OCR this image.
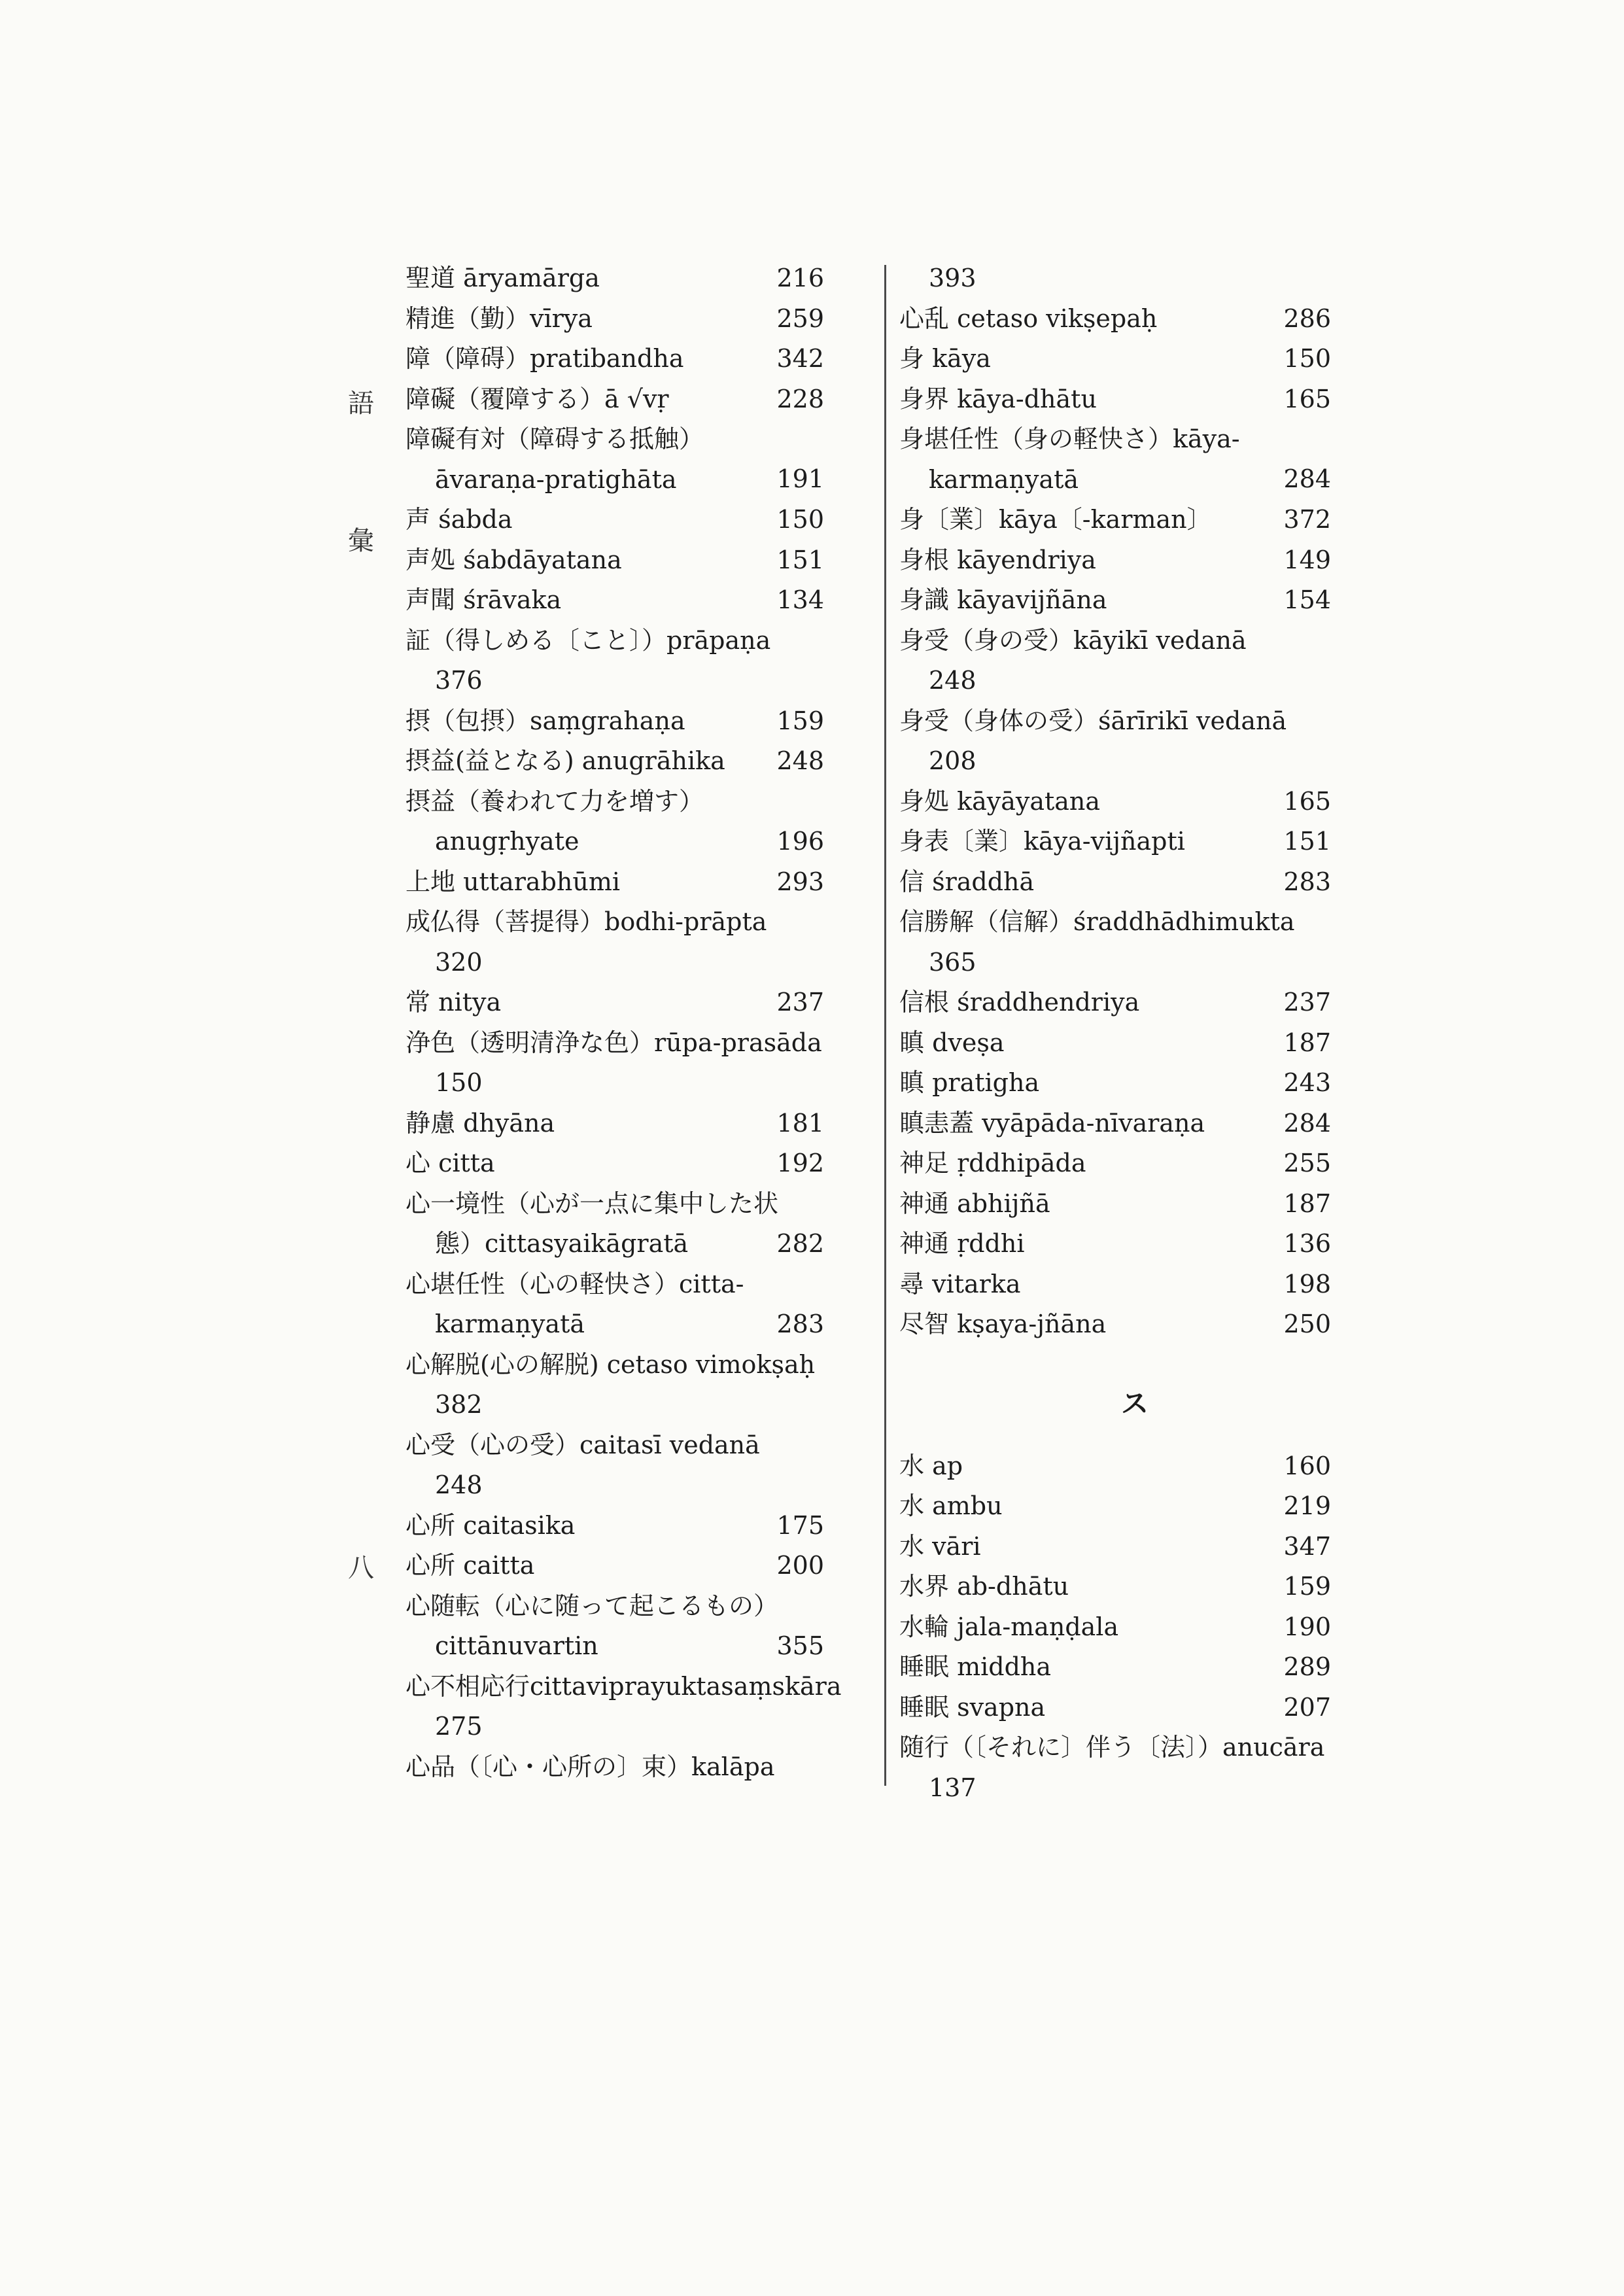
語
彙
八
聖道 āryamārga	216
精進（勤）vīrya	259
障（障碍）pratibandha	342
障礙（覆障する）ā √vṛ	228
障礙有対（障碍する抵触）
āvaraṇa-pratighāta	191
声 śabda	150
声処 śabdāyatana	151
声聞 śrāvaka	134
証（得しめる〔こと〕）prāpaṇa
376
摂（包摂）saṃgrahaṇa	159
摂益(益となる) anugrāhika 248
摂益（養われて力を増す）
anugṛhyate	196
上地 uttarabhūmi	293
成仏得（菩提得）bodhi-prāpta
320
常 nitya	237
浄色（透明清浄な色）rūpa-prasāda
150
静慮 dhyāna	181
心 citta	192
心一境性（心が一点に集中した状
態）cittasyaikāgratā	282
心堪任性（心の軽快さ）citta-
karmaṇyatā	283
心解脱(心の解脱) cetaso vimokṣaḥ
382
心受（心の受）caitasī vedanā
248
心所 caitasika	175
心所 caitta	200
心随転（心に随って起こるもの）
cittānuvartin	355
心不相応行cittaviprayuktasaṃskāra
275
心品（〔心・心所の〕束）kalāpa
393
心乱 cetaso vikṣepaḥ	286
身 kāya	150
身界 kāya-dhātu	165
身堪任性（身の軽快さ）kāya-
karmaṇyatā	284
身〔業〕kāya〔-karman〕	372
身根 kāyendriya	149
身識 kāyavijñāna	154
身受（身の受）kāyikī vedanā
248
身受（身体の受）śārīrikī vedanā
208
身処 kāyāyatana	165
身表〔業〕kāya-vijñapti	151
信 śraddhā	283
信勝解（信解）śraddhādhimukta
365
信根 śraddhendriya	237
瞋 dveṣa	187
瞋 pratigha	243
瞋恚蓋 vyāpāda-nīvaraṇa	284
神足 ṛddhipāda	255
神通 abhijñā	187
神通 ṛddhi	136
尋 vitarka	198
尽智 kṣaya-jñāna	250
ス
水 ap	160
水 ambu	219
水 vāri	347
水界 ab-dhātu	159
水輪 jala-maṇḍala	190
睡眠 middha	289
睡眠 svapna	207
随行（〔それに〕伴う〔法〕）anucāra
137
